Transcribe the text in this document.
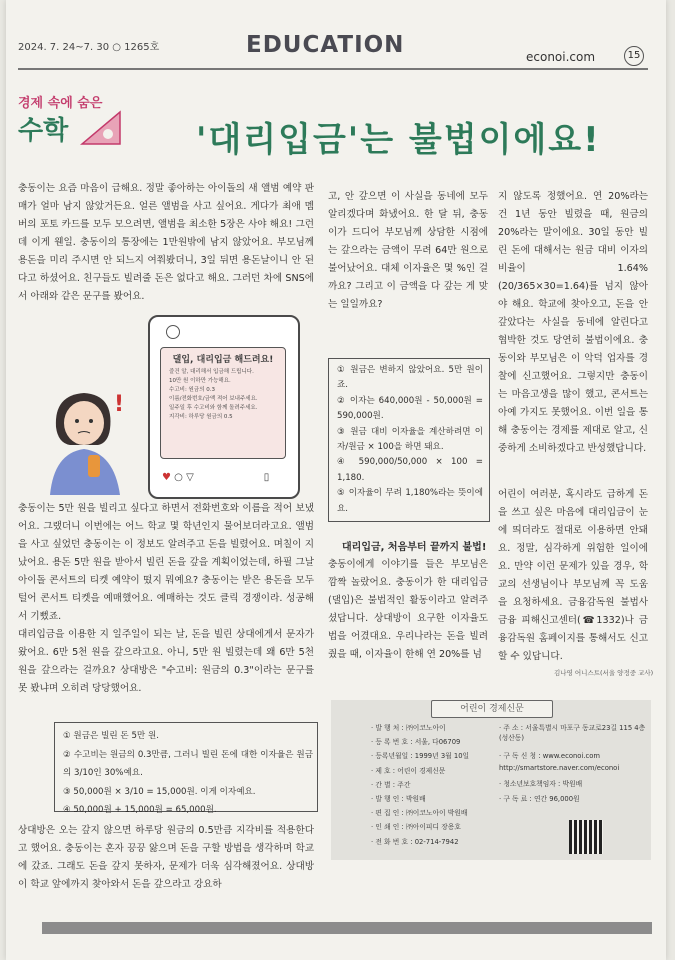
2024. 7. 24~7. 30 ○ 1265호	EDUCATION	econoi.com	15
경제 속에 숨은
수학	'대리입금'는 불법이에요!

충동이는 요즘 마음이 급해요. 정말 좋아하는 아이돌의 새 앨범 예약 판매가 얼마 남지 않았거든요. 얼른 앨범을 사고 싶어요. 게다가 최애 멤버의 포토 카드를 모두 모으려면, 앨범을 최소한 5장은 사야 해요! 그런데 이게 웬일. 충동이의 통장에는 1만원밖에 남지 않았어요. 부모님께 용돈을 미리 주시면 안 되느지 여쭤봤더니, 3일 뒤면 용돈날이니 안 된다고 하셨어요. 친구들도 빌려줄 돈은 없다고 해요. 그러던 차에 SNS에서 아래와 같은 문구를 봤어요.

!
댈입, 대리입금 해드려요!
즐건 알, 대리해서 입금해 드립니다.
10만 원 이하만 가능해요.
수고비: 원금의 0.3
이름/전화번호/금액 적어 보내주세요.
일주일 후 수고비와 함께 돌려주세요.
지각비: 하루당 원금의 0.5
♥ ○ ▽	▯

충동이는 5만 원을 빌리고 싶다고 하면서 전화번호와 이름을 적어 보냈어요. 그랬더니 이번에는 어느 학교 몇 학년인지 물어보더라고요. 앨범을 사고 싶었던 충동이는 이 정보도 알려주고 돈을 빌렸어요. 며칠이 지났어요. 용돈 5만 원을 받아서 빌린 돈을 갚을 계획이었는데, 하필 그날 아이돌 콘서트의 티켓 예약이 떴지 뭐예요? 충동이는 받은 용돈을 모두 털어 콘서트 티켓을 예매했어요. 예매하는 것도 클릭 경쟁이라. 성공해서 기뻤죠.

대리입금을 이용한 지 일주일이 되는 날, 돈을 빌린 상대에게서 문자가 왔어요. 6만 5천 원을 갚으라고요. 아니, 5만 원 빌렸는데 왜 6만 5천 원을 갚으라는 걸까요? 상대방은 "수고비: 원금의 0.3"이라는 문구를 못 봤냐며 오히려 당당했어요.

① 원금은 빌린 돈 5만 원.

② 수고비는 원금의 0.3만큼, 그러니 빌린 돈에 대한 이자율은 원금의 3/10인 30%예요.

③ 50,000원 × 3/10 = 15,000원. 이게 이자예요.

④ 50,000원 + 15,000원 = 65,000원.

상대방은 오는 갚지 않으면 하루당 원금의 0.5만큼 지각비를 적용한다고 했어요. 충동이는 혼자 끙끙 앓으며 돈을 구할 방법을 생각하며 학교에 갔죠. 그래도 돈을 갚지 못하자, 문제가 더욱 심각해졌어요. 상대방이 학교 앞에까지 찾아와서 돈을 갚으라고 강요하

고, 안 갚으면 이 사실을 동네에 모두 알리겠다며 화냈어요. 한 달 뒤, 충동이가 드디어 부모님께 상담한 시점에는 갚으라는 금액이 무려 64만 원으로 불어났어요. 대체 이자율은 몇 %인 걸까요? 그리고 이 금액을 다 갚는 게 맞는 일일까요?

① 원금은 변하지 않았어요. 5만 원이죠.

② 이자는 640,000원 - 50,000원 = 590,000원.

③ 원금 대비 이자율을 계산하려면 이자/원금 × 100을 하면 돼요.

④ 590,000/50,000 × 100 = 1,180.

⑤ 이자율이 무려 1,180%라는 뜻이에요.

대리입금, 처음부터 끝까지 불법!

충동이에게 이야기를 들은 부모님은 깜짝 놀랐어요. 충동이가 한 대리입금(댈입)은 불법적인 활동이라고 알려주셨답니다. 상대방이 요구한 이자율도 법을 어겼대요. 우리나라는 돈을 빌려줬을 때, 이자율이 한해 연 20%를 넘

지 않도록 정했어요. 연 20%라는 건 1년 동안 빌렸을 때, 원금의 20%라는 말이에요. 30일 동안 빌린 돈에 대해서는 원금 대비 이자의 비율이 1.64%(20/365×30=1.64)를 넘지 않아야 해요. 학교에 찾아오고, 돈을 안 갚았다는 사실을 동네에 알린다고 협박한 것도 당연히 불법이에요. 충동이와 부모님은 이 악덕 업자를 경찰에 신고했어요. 그렇지만 충동이는 마음고생을 많이 했고, 콘서트는 아예 가지도 못했어요. 이번 일을 통해 충동이는 경제를 제대로 알고, 신중하게 소비하겠다고 반성했답니다.

어린이 여러분, 혹시라도 급하게 돈을 쓰고 싶은 마음에 대리입금이 눈에 띄더라도 절대로 이용하면 안돼요. 정말, 심각하게 위험한 일이에요. 만약 이런 문제가 있을 경우, 학교의 선생님이나 부모님께 꼭 도움을 요청하세요. 금융감독원 불법사금융 피해신고센터(☎1332)나 금융감독원 홈페이지를 통해서도 신고할 수 있답니다.

김나영 어니스트(서울 양정중 교사)
어린이 경제신문
· 발 행 처 : ㈜이코노아이
· 등 록 번 호 : 서울, 다06709
· 등록년월일 : 1999년 3월 10일
· 제 호 : 어린이 경제신문
· 간 별 : 주간
· 발 행 인 : 박원배
· 편 집 인 : ㈜이코노아이 박원배
· 인 쇄 인 : ㈜아이피디 장용호
· 전 화 번 호 : 02-714-7942
· 주 소 : 서울특별시 마포구 동교로23길 115 4층(성산동)
· 구 독 신 청 : www.econoi.com
http://smartstore.naver.com/econoi
· 청소년보호책임자 : 박원배
· 구 독 료 : 연간 96,000원
